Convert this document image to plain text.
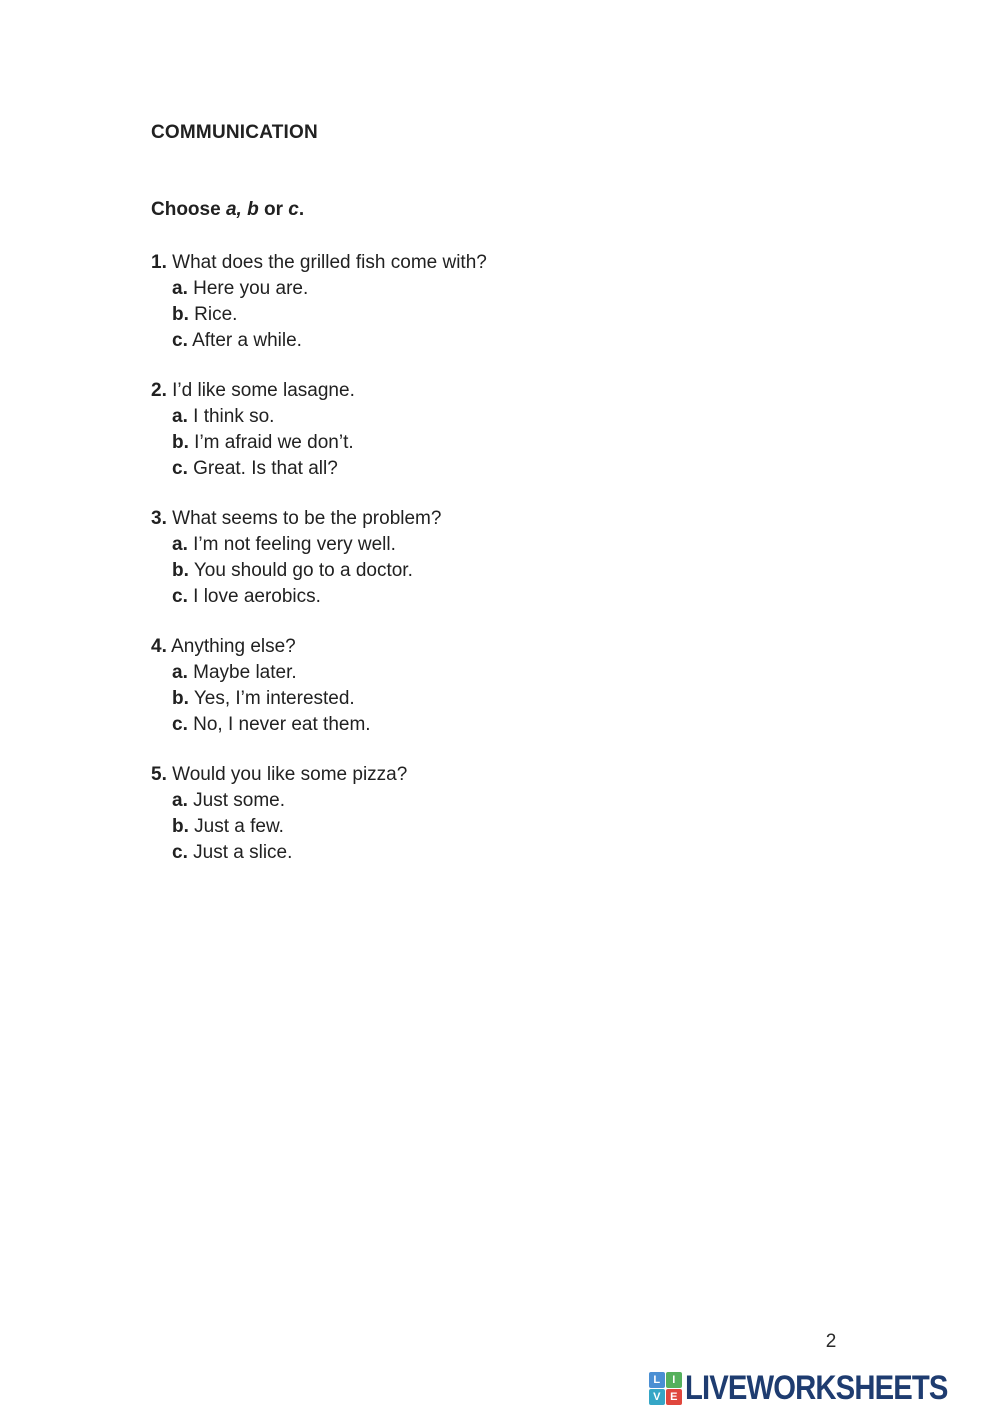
COMMUNICATION

Choose a, b or c.

1. What does the grilled fish come with?
a. Here you are.
b. Rice.
c. After a while.
2. I’d like some lasagne.
a. I think so.
b. I’m afraid we don’t.
c. Great. Is that all?
3. What seems to be the problem?
a. I’m not feeling very well.
b. You should go to a doctor.
c. I love aerobics.
4. Anything else?
a. Maybe later.
b. Yes, I’m interested.
c. No, I never eat them.
5. Would you like some pizza?
a. Just some.
b. Just a few.
c. Just a slice.
2
L	I
V E LIVEWORKSHEETS
